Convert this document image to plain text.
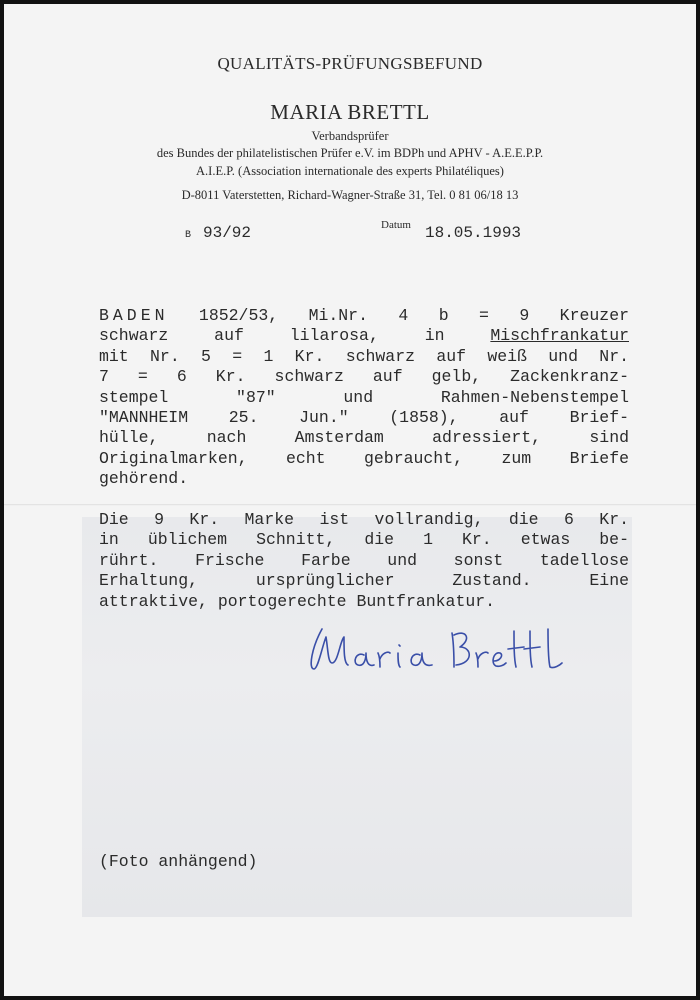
QUALITÄTS-PRÜFUNGSBEFUND
MARIA BRETTL
Verbandsprüfer
des Bundes der philatelistischen Prüfer e.V. im BDPh und APHV - A.E.E.P.P.
A.I.E.P. (Association internationale des experts Philatéliques)
D-8011 Vaterstetten, Richard-Wagner-Straße 31, Tel. 0 81 06/18 13
B 93/92	Datum 18.05.1993
BADEN 1852/53, Mi.Nr. 4 b = 9 Kreuzer
schwarz auf lilarosa, in Mischfrankatur
mit Nr. 5 = 1 Kr. schwarz auf weiß und Nr.
7 = 6 Kr. schwarz auf gelb, Zackenkranz-
stempel "87" und Rahmen-Nebenstempel
"MANNHEIM 25. Jun." (1858), auf Brief-
hülle, nach Amsterdam adressiert, sind
Originalmarken, echt gebraucht, zum Briefe
gehörend.
Die 9 Kr. Marke ist vollrandig, die 6 Kr.
in üblichem Schnitt, die 1 Kr. etwas be-
rührt. Frische Farbe und sonst tadellose
Erhaltung, ursprünglicher Zustand. Eine
attraktive, portogerechte Buntfrankatur.
(Foto anhängend)
